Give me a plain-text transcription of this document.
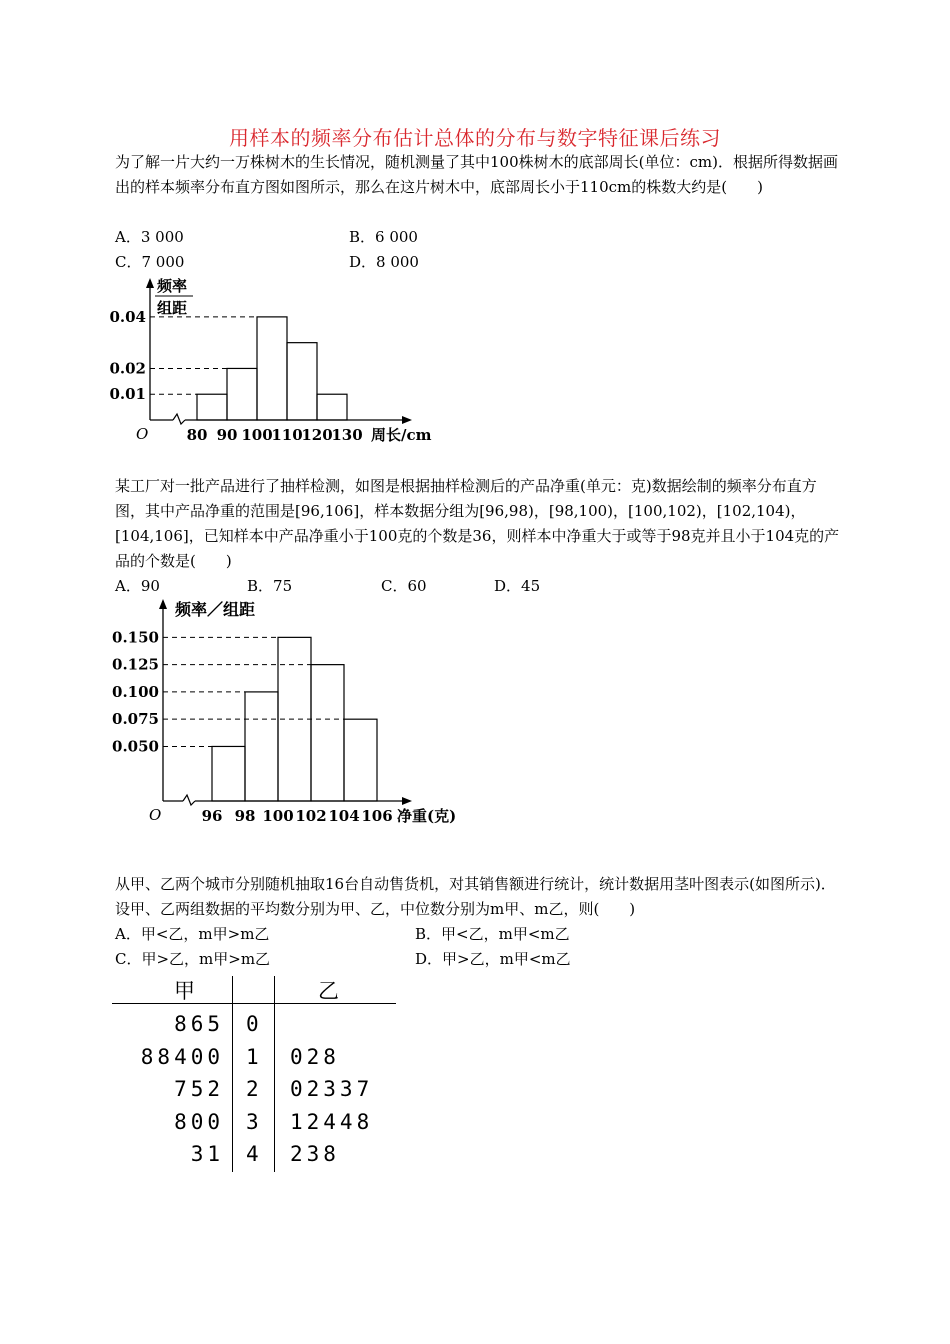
用样本的频率分布估计总体的分布与数字特征课后练习
为了解一片大约一万株树木的生长情况，随机测量了其中100株树木的底部周长(单位：cm)．根据所得数据画出的样本频率分布直方图如图所示，那么在这片树木中，底部周长小于110cm的株数大约是(　　)
A．3 000	B．6 000
C．7 000	D．8 000
O
0.01
0.02
0.04
80 90 100
110
120
130 周长/cm
频率
组距
某工厂对一批产品进行了抽样检测，如图是根据抽样检测后的产品净重(单元：克)数据绘制的频率分布直方图，其中产品净重的范围是[96,106]，样本数据分组为[96,98)，[98,100)，[100,102)，[102,104)，[104,106]，已知样本中产品净重小于100克的个数是36，则样本中净重大于或等于98克并且小于104克的产品的个数是(　　)
A．90	B．75	C．60	D．45
O
0.150
0.125
0.100
0.075
0.050
96 98 100 102 104 106 净重(克)
频率／组距
从甲、乙两个城市分别随机抽取16台自动售货机，对其销售额进行统计，统计数据用茎叶图表示(如图所示)．设甲、乙两组数据的平均数分别为甲、乙，中位数分别为m甲、m乙，则(　　)
A．甲<乙，m甲>m乙	B．甲<乙，m甲<m乙
C．甲>乙，m甲>m乙	D．甲>乙，m甲<m乙
甲	乙
865 0
88400 1 028
752 2 02337
800 3 12448
31 4 238
